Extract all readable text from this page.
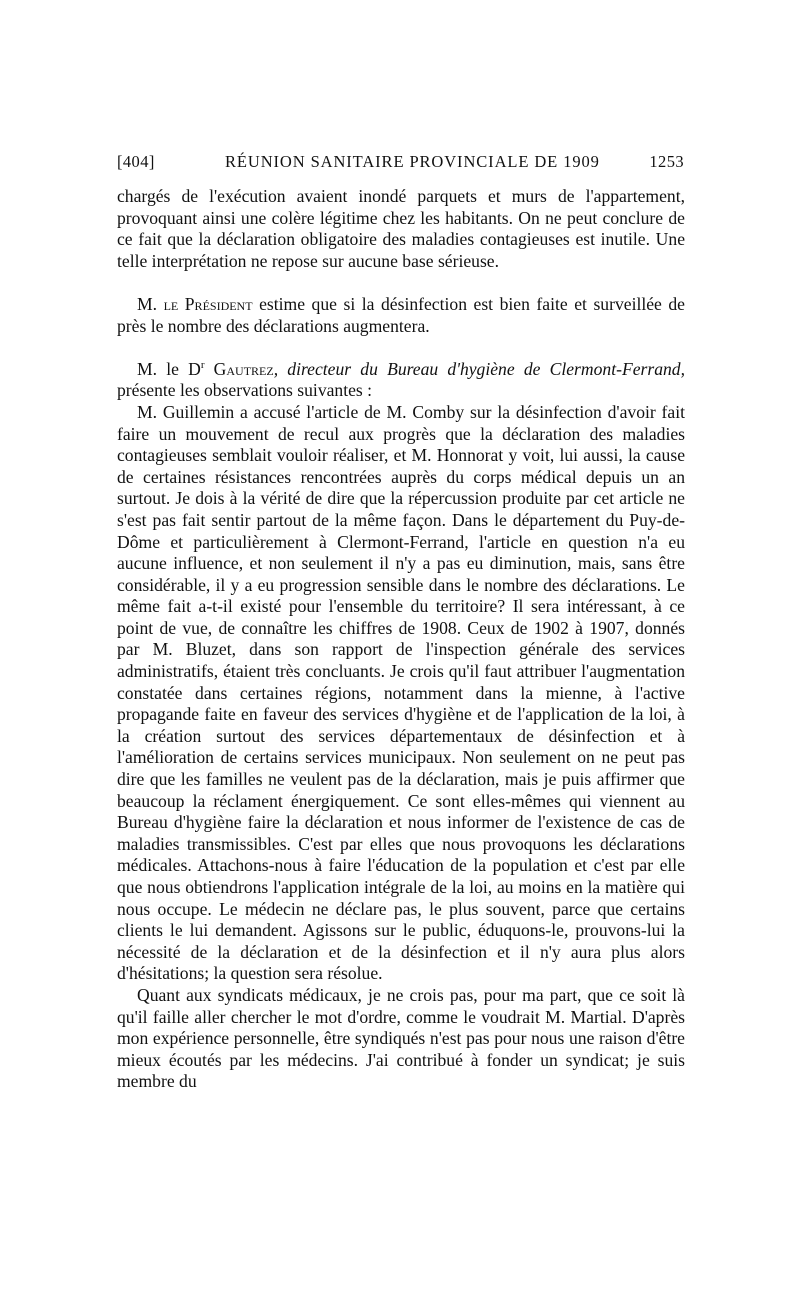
[404]	RÉUNION SANITAIRE PROVINCIALE DE 1909	1253

chargés de l'exécution avaient inondé parquets et murs de l'appartement, provoquant ainsi une colère légitime chez les habitants. On ne peut conclure de ce fait que la déclaration obligatoire des maladies contagieuses est inutile. Une telle interprétation ne repose sur aucune base sérieuse.

M. le Président estime que si la désinfection est bien faite et surveillée de près le nombre des déclarations augmentera.

M. le $D^r$ Gautrez, directeur du Bureau d'hygiène de Clermont-Ferrand, présente les observations suivantes :

M. Guillemin a accusé l'article de M. Comby sur la désinfection d'avoir fait faire un mouvement de recul aux progrès que la déclaration des maladies contagieuses semblait vouloir réaliser, et M. Honnorat y voit, lui aussi, la cause de certaines résistances rencontrées auprès du corps médical depuis un an surtout. Je dois à la vérité de dire que la répercussion produite par cet article ne s'est pas fait sentir partout de la même façon. Dans le département du Puy-de-Dôme et particulièrement à Clermont-Ferrand, l'article en question n'a eu aucune influence, et non seulement il n'y a pas eu diminution, mais, sans être considérable, il y a eu progression sensible dans le nombre des déclarations. Le même fait a-t-il existé pour l'ensemble du territoire? Il sera intéressant, à ce point de vue, de connaître les chiffres de 1908. Ceux de 1902 à 1907, donnés par M. Bluzet, dans son rapport de l'inspection générale des services administratifs, étaient très concluants. Je crois qu'il faut attribuer l'augmentation constatée dans certaines régions, notamment dans la mienne, à l'active propagande faite en faveur des services d'hygiène et de l'application de la loi, à la création surtout des services départementaux de désinfection et à l'amélioration de certains services municipaux. Non seulement on ne peut pas dire que les familles ne veulent pas de la déclaration, mais je puis affirmer que beaucoup la réclament énergiquement. Ce sont elles-mêmes qui viennent au Bureau d'hygiène faire la déclaration et nous informer de l'existence de cas de maladies transmissibles. C'est par elles que nous provoquons les déclarations médicales. Attachons-nous à faire l'éducation de la population et c'est par elle que nous obtiendrons l'application intégrale de la loi, au moins en la matière qui nous occupe. Le médecin ne déclare pas, le plus souvent, parce que certains clients le lui demandent. Agissons sur le public, éduquons-le, prouvons-lui la nécessité de la déclaration et de la désinfection et il n'y aura plus alors d'hésitations; la question sera résolue.

Quant aux syndicats médicaux, je ne crois pas, pour ma part, que ce soit là qu'il faille aller chercher le mot d'ordre, comme le voudrait M. Martial. D'après mon expérience personnelle, être syndiqués n'est pas pour nous une raison d'être mieux écoutés par les médecins. J'ai contribué à fonder un syndicat; je suis membre du
